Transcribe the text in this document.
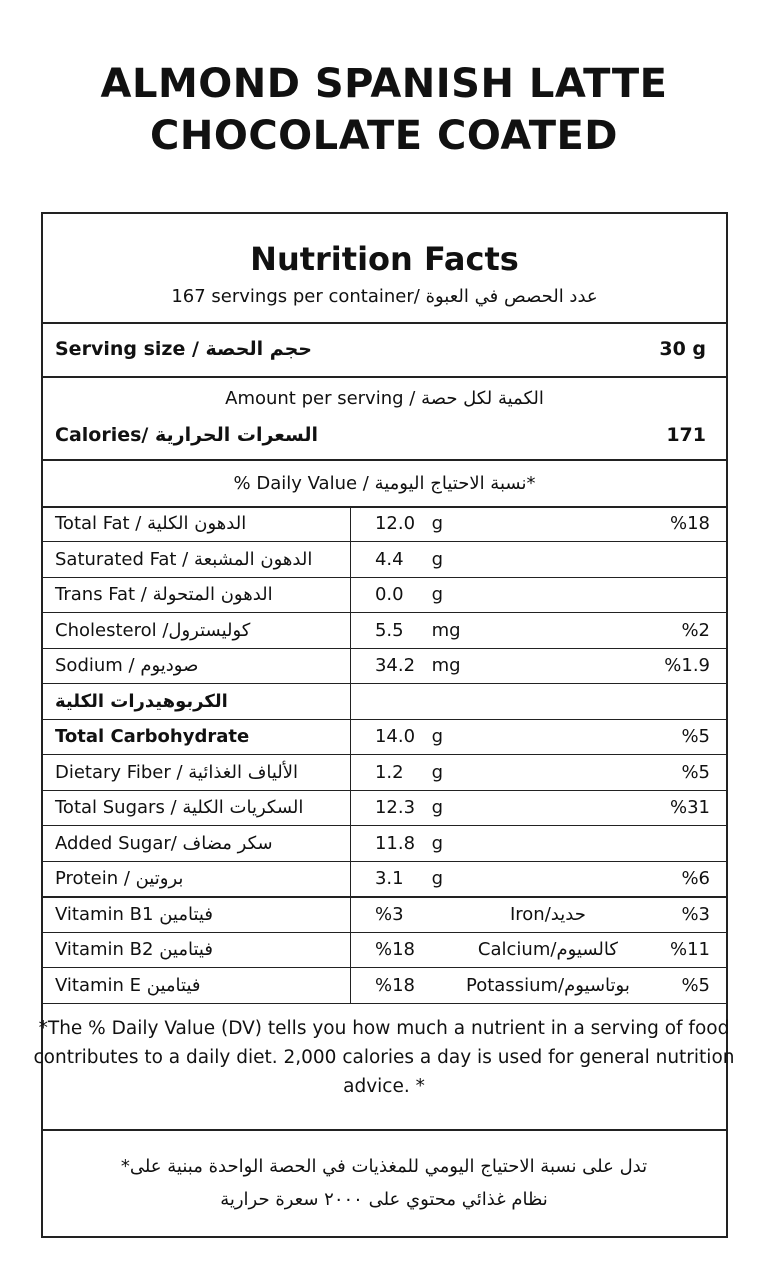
ALMOND SPANISH LATTE
CHOCOLATE COATED
Nutrition Facts
167 servings per container/ عدد الحصص في العبوة
Serving size / حجم الحصة	30 g
Amount per serving / الكمية لكل حصة
Calories/ السعرات الحرارية	171
% Daily Value / نسبة الاحتياج اليومية*
Total Fat / الدهون الكلية	12.0	g	%18
Saturated Fat / الدهون المشبعة	4.4	g	
Trans Fat / الدهون المتحولة	0.0	g	
Cholesterol /كوليسترول	5.5	mg	%2
Sodium / صوديوم	34.2	mg	%1.9
الكربوهيدرات الكلية			
Total Carbohydrate	14.0	g	%5
Dietary Fiber / الألياف الغذائية	1.2	g	%5
Total Sugars / السكريات الكلية	12.3	g	%31
Added Sugar/ سكر مضاف	11.8	g	
Protein / بروتين	3.1	g	%6
Vitamin B1 فيتامين	%3	Iron/حديد	%3
Vitamin B2 فيتامين	%18	Calcium/كالسيوم	%11
Vitamin E فيتامين	%18	Potassium/بوتاسيوم	%5
*The % Daily Value (DV) tells you how much a nutrient in a serving of food contributes to a daily diet. 2,000 calories a day is used for general nutrition advice. *
تدل على نسبة الاحتياج اليومي للمغذيات في الحصة الواحدة مبنية على*
نظام غذائي محتوي على ٢٠٠٠ سعرة حرارية
